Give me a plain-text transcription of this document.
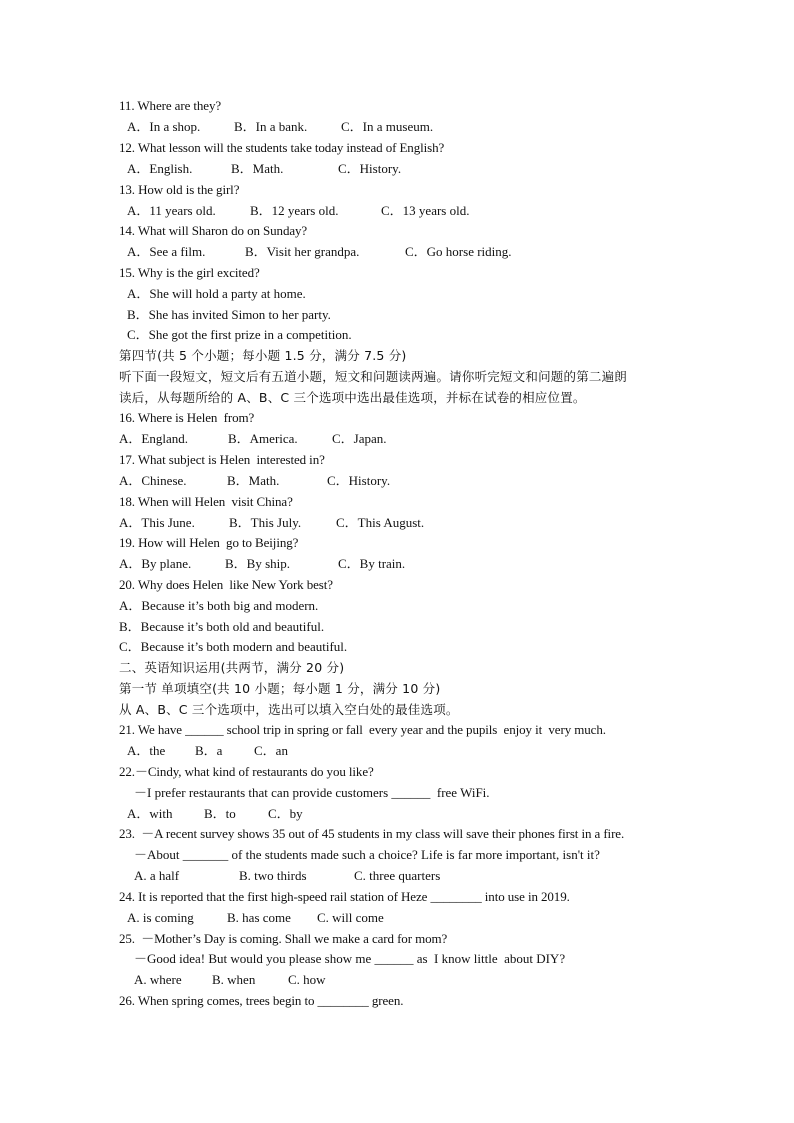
11. Where are they?
A．In a shop.	B．In a bank.	C．In a museum.
12. What lesson will the students take today instead of English?
A．English.	B．Math.	C．History.
13. How old is the girl?
A．11 years old.	B．12 years old.	C．13 years old.
14. What will Sharon do on Sunday?
A．See a film.	B．Visit her grandpa.	C．Go horse riding.
15. Why is the girl excited?
A．She will hold a party at home.
B．She has invited Simon to her party.
C．She got the first prize in a competition.
第四节(共 5 个小题；每小题 1.5 分，满分 7.5 分)
听下面一段短文，短文后有五道小题，短文和问题读两遍。请你听完短文和问题的第二遍朗
读后，从每题所给的 A、B、C 三个选项中选出最佳选项，并标在试卷的相应位置。
16. Where is Helen  from?
A．England.	B．America.	C．Japan.
17. What subject is Helen  interested in?
A．Chinese.	B．Math.	C．History.
18. When will Helen  visit China?
A．This June.	B．This July.	C．This August.
19. How will Helen  go to Beijing?
A．By plane.	B．By ship.	C．By train.
20. Why does Helen  like New York best?
A．Because it’s both big and modern.
B．Because it’s both old and beautiful.
C．Because it’s both modern and beautiful.
二、英语知识运用(共两节，满分 20 分)
第一节 单项填空(共 10 小题；每小题 1 分，满分 10 分)
从 A、B、C 三个选项中，选出可以填入空白处的最佳选项。
21. We have ______ school trip in spring or fall  every year and the pupils  enjoy it  very much.
A．the B．a C．an
22.－Cindy, what kind of restaurants do you like?
－I prefer restaurants that can provide customers ______  free WiFi.
A．with B．to C．by
23.  －A recent survey shows 35 out of 45 students in my class will save their phones first in a fire.
－About _______ of the students made such a choice? Life is far more important, isn't it?
A. a half	B. two thirds	C. three quarters
24. It is reported that the first high-speed rail station of Heze ________ into use in 2019.
A. is coming	B. has come C. will come
25.  －Mother’s Day is coming. Shall we make a card for mom?
－Good idea! But would you please show me ______ as  I know little  about DIY?
A. where B. when	C. how
26. When spring comes, trees begin to ________ green.
